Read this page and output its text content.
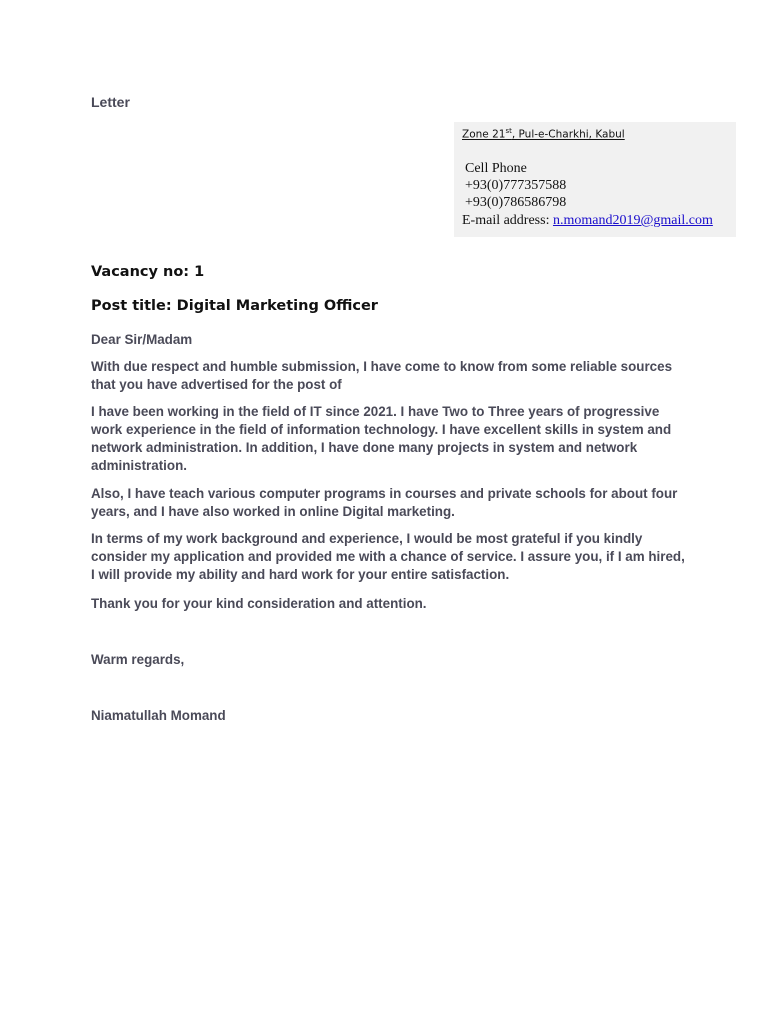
Letter
Zone 21st, Pul-e-Charkhi, Kabul
Cell Phone
+93(0)777357588
+93(0)786586798
E-mail address: n.momand2019@gmail.com
Vacancy no: 1
Post title: Digital Marketing Officer

Dear Sir/Madam

With due respect and humble submission, I have come to know from some reliable sources that you have advertised for the post of

I have been working in the field of IT since 2021. I have Two to Three years of progressive work experience in the field of information technology. I have excellent skills in system and network administration. In addition, I have done many projects in system and network administration.

Also, I have teach various computer programs in courses and private schools for about four years, and I have also worked in online Digital marketing.

In terms of my work background and experience, I would be most grateful if you kindly consider my application and provided me with a chance of service. I assure you, if I am hired, I will provide my ability and hard work for your entire satisfaction.

Thank you for your kind consideration and attention.

Warm regards,

Niamatullah Momand
